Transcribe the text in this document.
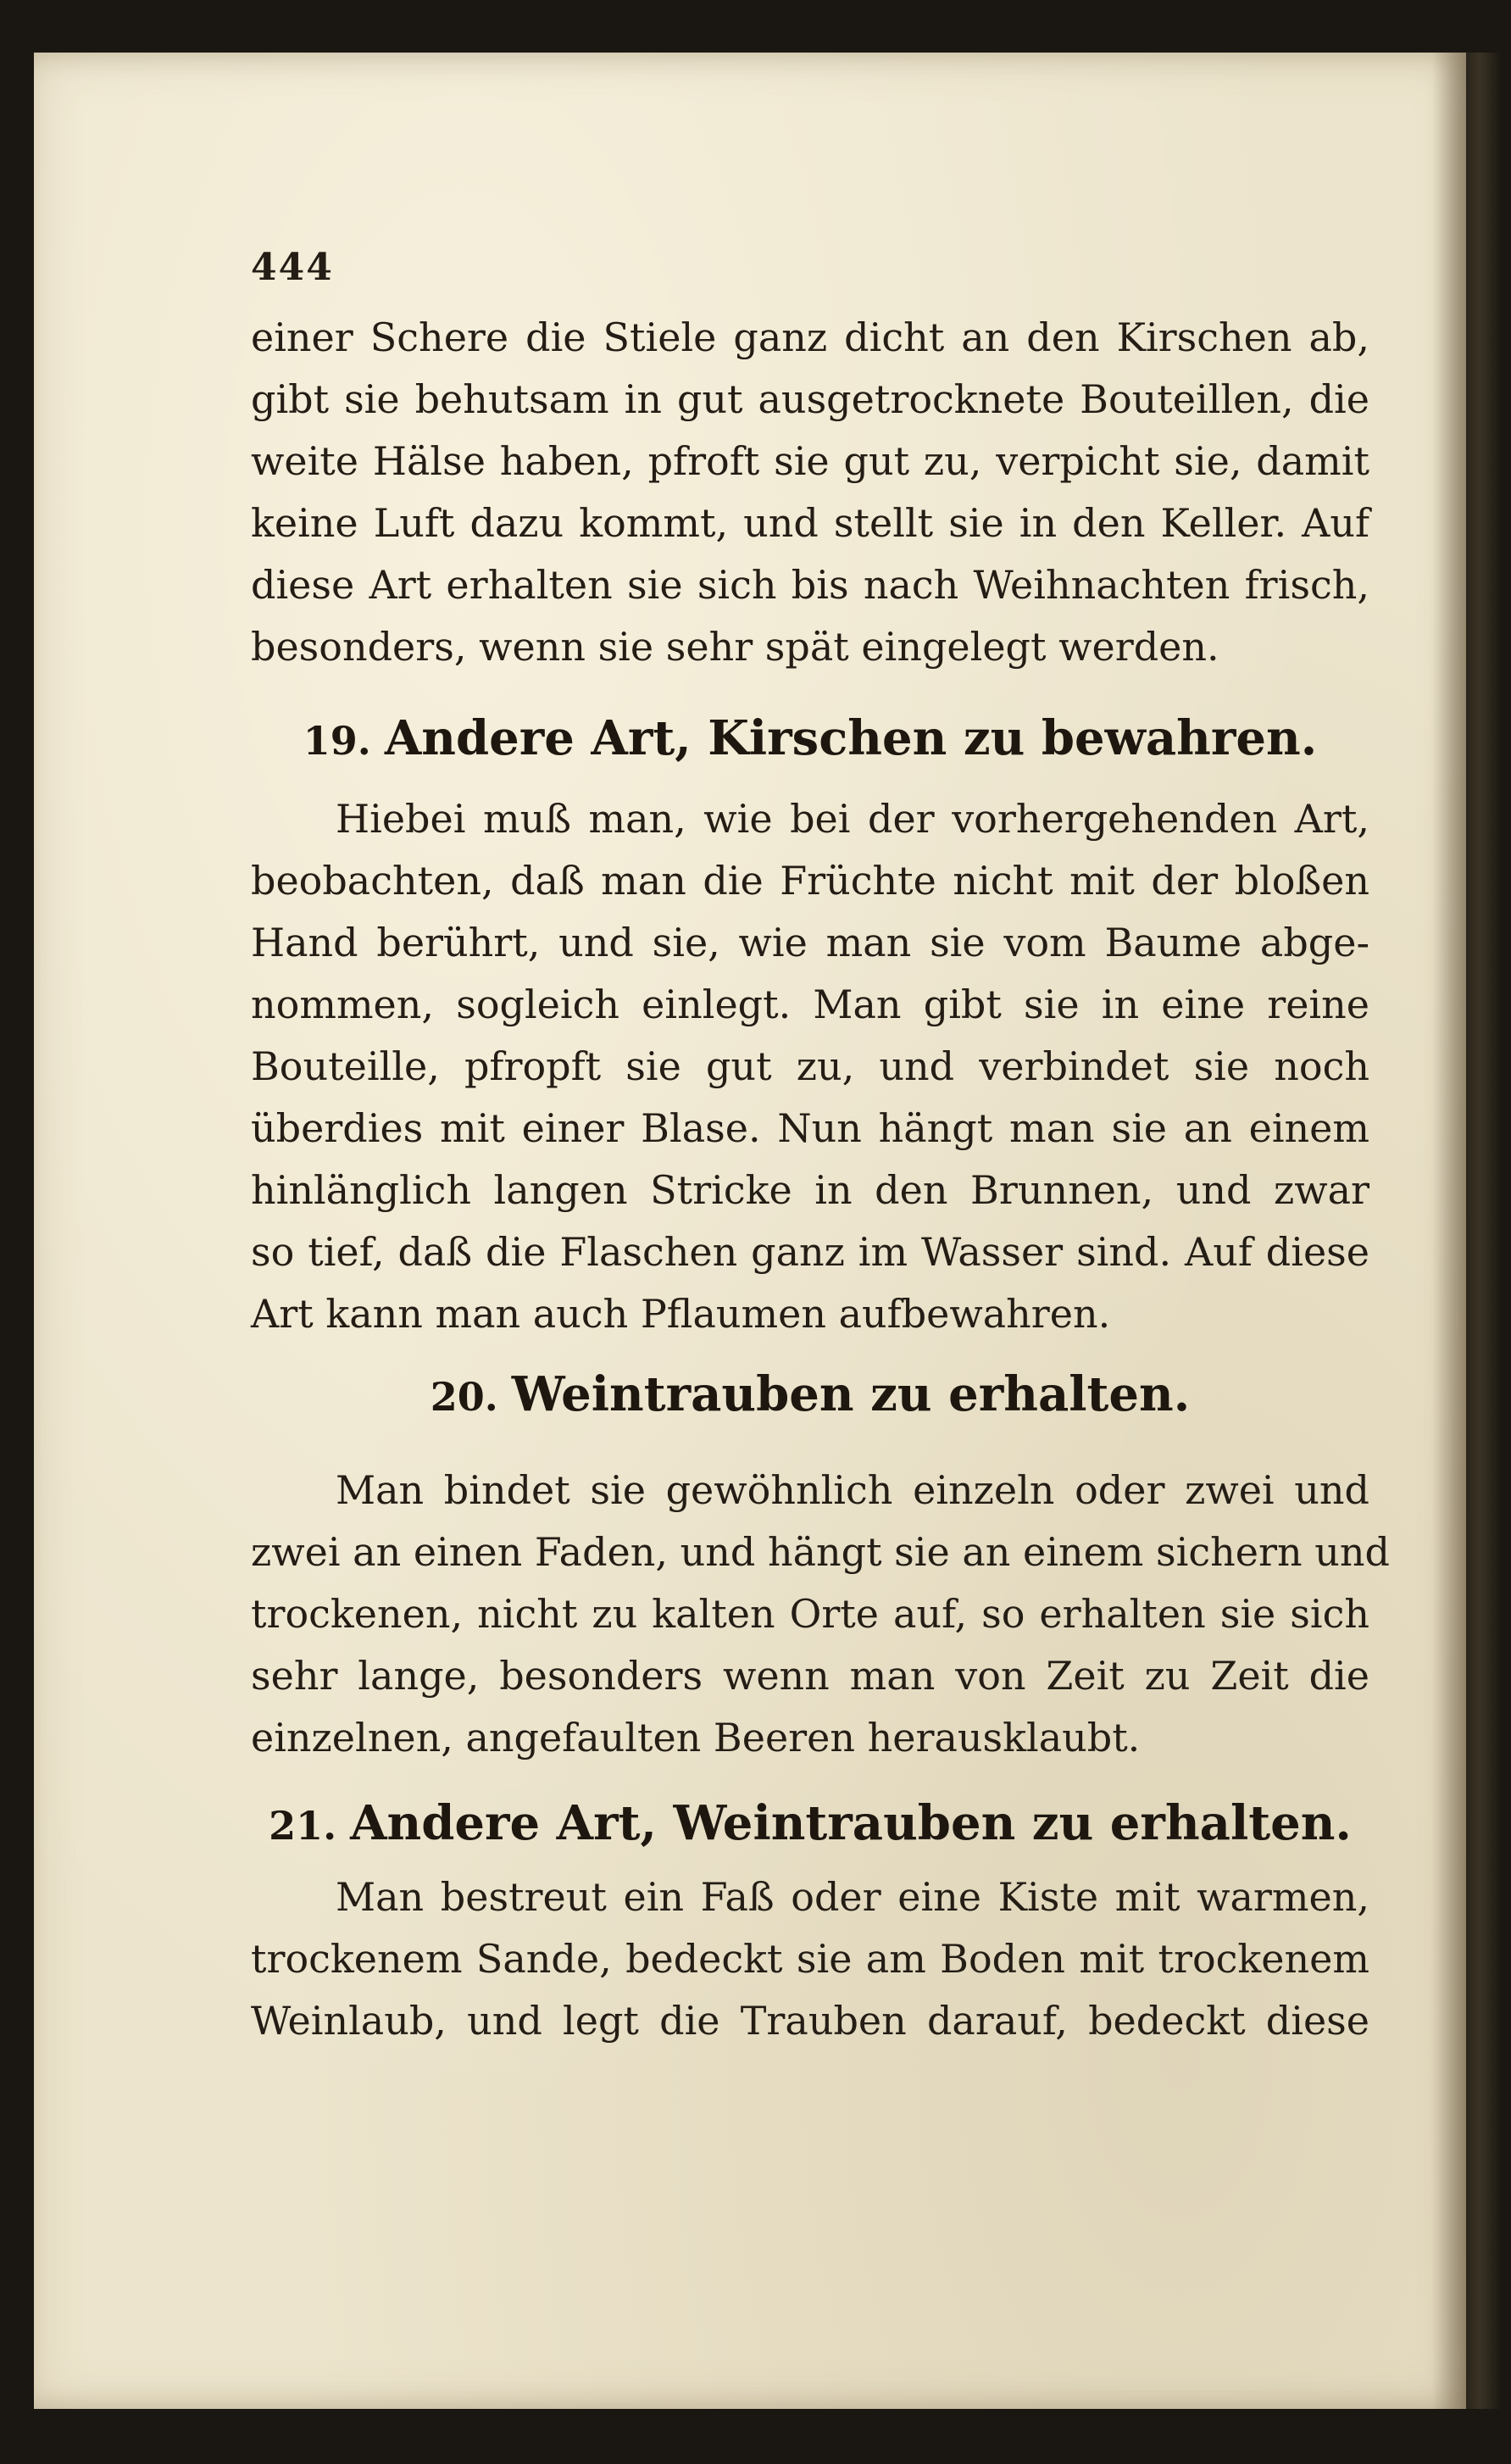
444
einer Schere die Stiele ganz dicht an den Kirschen ab,
gibt sie behutsam in gut ausgetrocknete Bouteillen, die
weite Hälse haben, pfroft sie gut zu, verpicht sie, damit
keine Luft dazu kommt, und stellt sie in den Keller. Auf
diese Art erhalten sie sich bis nach Weihnachten frisch,
besonders, wenn sie sehr spät eingelegt werden.
19. Andere Art, Kirschen zu bewahren.
Hiebei muß man, wie bei der vorhergehenden Art,
beobachten, daß man die Früchte nicht mit der bloßen
Hand berührt, und sie, wie man sie vom Baume abge-
nommen, sogleich einlegt. Man gibt sie in eine reine
Bouteille, pfropft sie gut zu, und verbindet sie noch
überdies mit einer Blase. Nun hängt man sie an einem
hinlänglich langen Stricke in den Brunnen, und zwar
so tief, daß die Flaschen ganz im Wasser sind. Auf diese
Art kann man auch Pflaumen aufbewahren.
20. Weintrauben zu erhalten.
Man bindet sie gewöhnlich einzeln oder zwei und
zwei an einen Faden, und hängt sie an einem sichern und
trockenen, nicht zu kalten Orte auf, so erhalten sie sich
sehr lange, besonders wenn man von Zeit zu Zeit die
einzelnen, angefaulten Beeren herausklaubt.
21. Andere Art, Weintrauben zu erhalten.
Man bestreut ein Faß oder eine Kiste mit warmen,
trockenem Sande, bedeckt sie am Boden mit trockenem
Weinlaub, und legt die Trauben darauf, bedeckt diese
